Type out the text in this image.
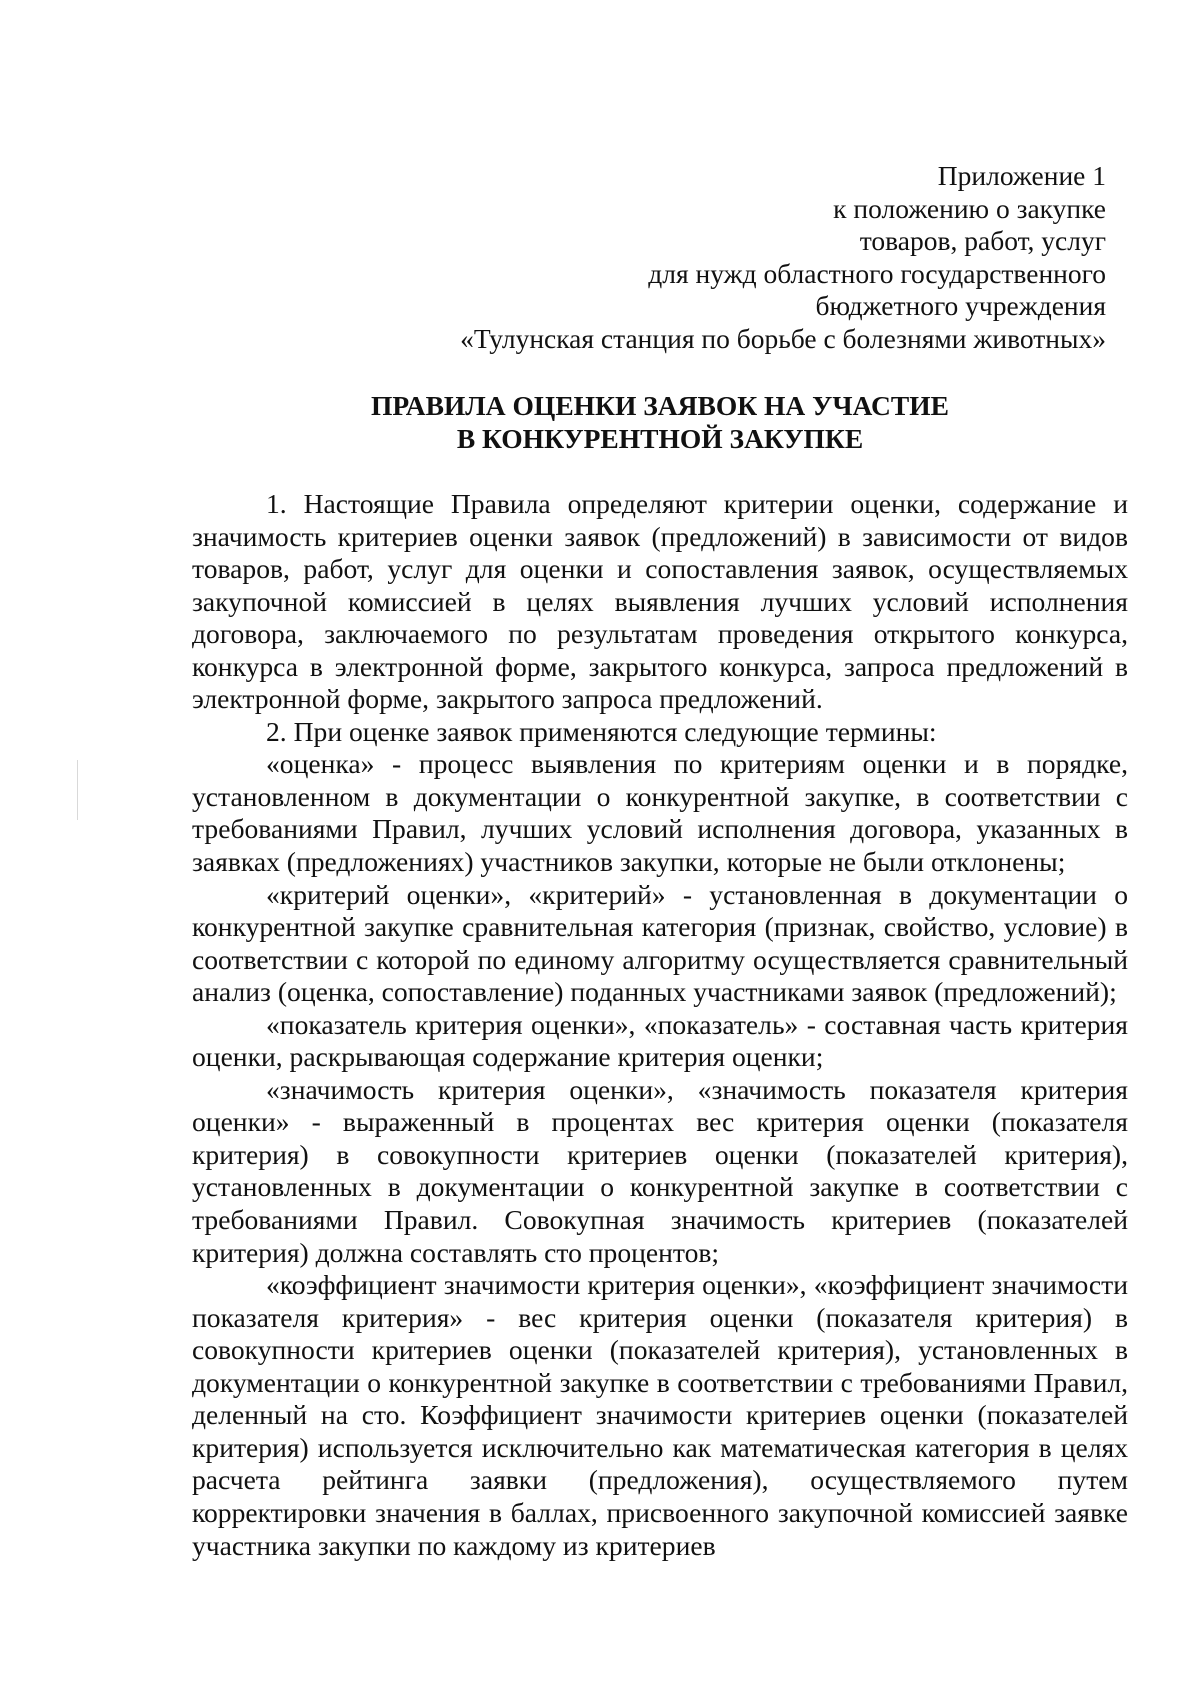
Приложение 1
к положению о закупке
товаров, работ, услуг
для нужд областного государственного
бюджетного учреждения
«Тулунская станция по борьбе с болезнями животных»
ПРАВИЛА ОЦЕНКИ ЗАЯВОК НА УЧАСТИЕ
В КОНКУРЕНТНОЙ ЗАКУПКЕ

1. Настоящие Правила определяют критерии оценки, содержание и значимость критериев оценки заявок (предложений) в зависимости от видов товаров, работ, услуг для оценки и сопоставления заявок, осуществляемых закупочной комиссией в целях выявления лучших условий исполнения договора, заключаемого по результатам проведения открытого конкурса, конкурса в электронной форме, закрытого конкурса, запроса предложений в электронной форме, закрытого запроса предложений.

2. При оценке заявок применяются следующие термины:

«оценка» - процесс выявления по критериям оценки и в порядке, установленном в документации о конкурентной закупке, в соответствии с требованиями Правил, лучших условий исполнения договора, указанных в заявках (предложениях) участников закупки, которые не были отклонены;

«критерий оценки», «критерий» - установленная в документации о конкурентной закупке сравнительная категория (признак, свойство, условие) в соответствии с которой по единому алгоритму осуществляется сравнительный анализ (оценка, сопоставление) поданных участниками заявок (предложений);

«показатель критерия оценки», «показатель» - составная часть критерия оценки, раскрывающая содержание критерия оценки;

«значимость критерия оценки», «значимость показателя критерия оценки» - выраженный в процентах вес критерия оценки (показателя критерия) в совокупности критериев оценки (показателей критерия), установленных в документации о конкурентной закупке в соответствии с требованиями Правил. Совокупная значимость критериев (показателей критерия) должна составлять сто процентов;

«коэффициент значимости критерия оценки», «коэффициент значимости показателя критерия» - вес критерия оценки (показателя критерия) в совокупности критериев оценки (показателей критерия), установленных в документации о конкурентной закупке в соответствии с требованиями Правил, деленный на сто. Коэффициент значимости критериев оценки (показателей критерия) используется исключительно как математическая категория в целях расчета рейтинга заявки (предложения), осуществляемого путем корректировки значения в баллах, присвоенного закупочной комиссией заявке участника закупки по каждому из критериев
